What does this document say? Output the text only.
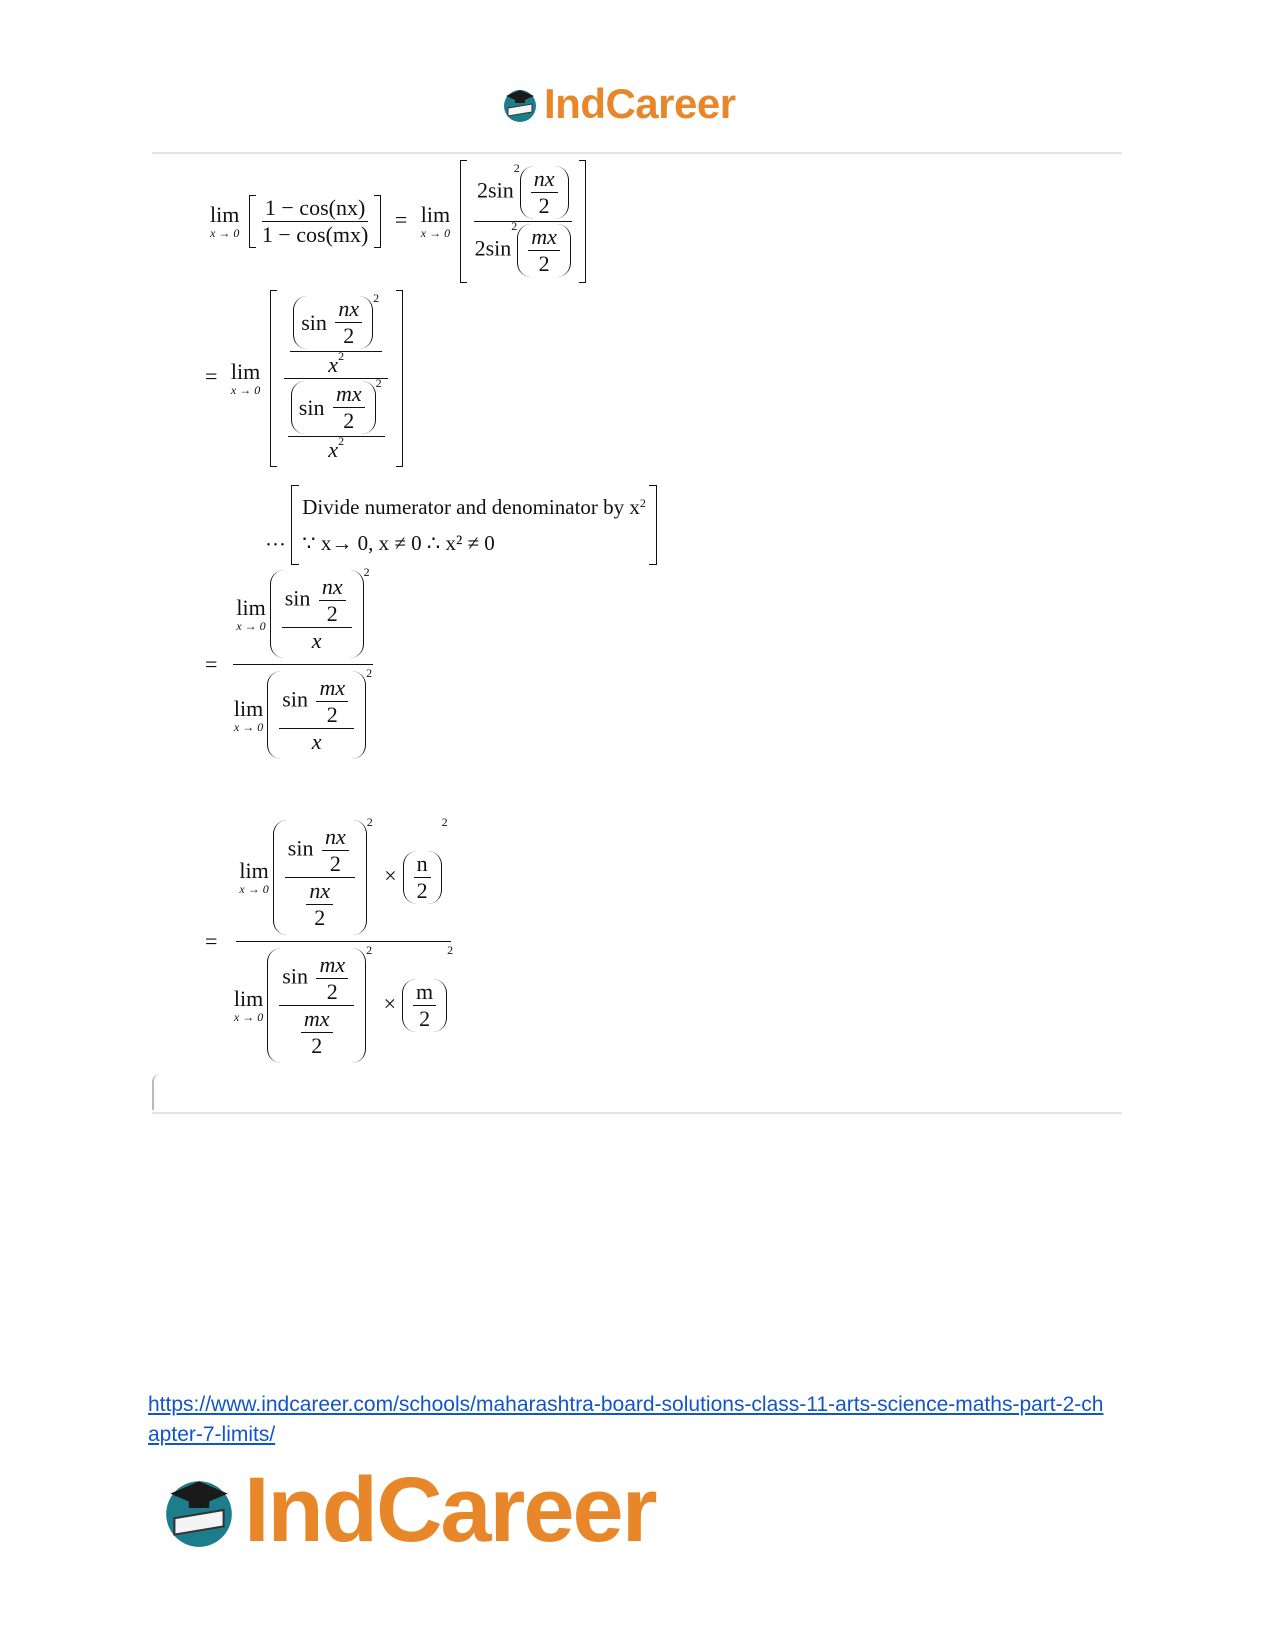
IndCareer
lim
x → 0
$\frac{1 - \cos(nx)}{1 - \cos(mx)} = \lim$
x → 0
$\frac{2\sin^2 \frac{nx}{2}}{2\sin^2 \frac{mx}{2}}$
= lim
x → 0
sin
$\frac{nx}{2} ^2$
$x^2$
sin
$\frac{mx}{2} ^2$
$x^2$
···
Divide numerator and denominator by $x^2$
∵ x→ 0, x ≠ 0 ∴ x² ≠ 0
= lim
$x \to 0 \frac{\sin \frac{nx}{2}}{x}$
$^2$
lim
$x \to 0 \frac{\sin \frac{mx}{2}}{x}$
$^2$
= lim
$x \to 0 \frac{\sin \frac{nx}{2}}{\frac{nx}{2}}$
$^2 \times \frac{n}{2}$
$^2$
lim
$x \to 0 \frac{\sin \frac{mx}{2}}{\frac{mx}{2}}$
$^2 \times \frac{m}{2}$
$^2$
https://www.indcareer.com/schools/maharashtra-board-solutions-class-11-arts-science-maths-part-2-chapter-7-limits/
IndCareer
